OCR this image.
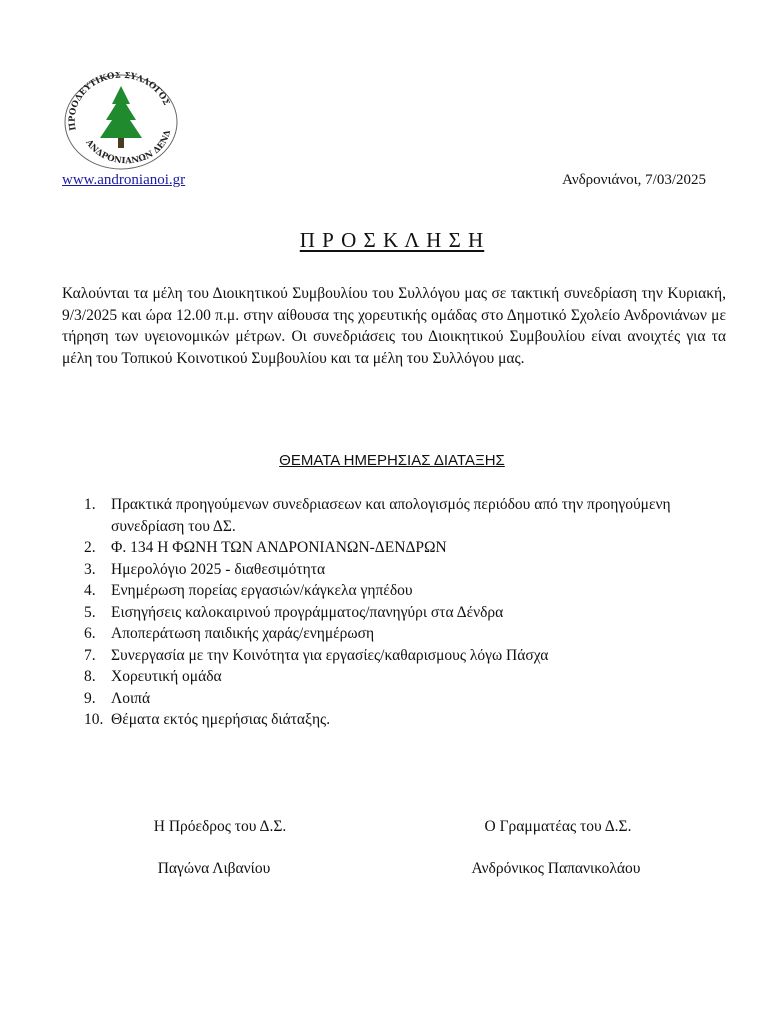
ΠΡΟΟΔΕΥΤΙΚΟΣ ΣΥΛΛΟΓΟΣ
ΑΝΔΡΟΝΙΑΝΩΝ ΔΕΝΔ
www.andronianoi.gr	Ανδρονιάνοι, 7/03/2025
Π Ρ Ο Σ Κ Λ Η Σ Η

Καλούνται τα μέλη του Διοικητικού Συμβουλίου του Συλλόγου μας σε τακτική συνεδρίαση την Κυριακή, 9/3/2025 και ώρα 12.00 π.μ. στην αίθουσα της χορευτικής ομάδας στο Δημοτικό Σχολείο Ανδρονιάνων με τήρηση των υγειονομικών μέτρων. Οι συνεδριάσεις του Διοικητικού Συμβουλίου είναι ανοιχτές για τα μέλη του Τοπικού Κοινοτικού Συμβουλίου και τα μέλη του Συλλόγου μας.

ΘΕΜΑΤΑ ΗΜΕΡΗΣΙΑΣ ΔΙΑΤΑΞΗΣ
1. Πρακτικά προηγούμενων συνεδριασεων και απολογισμός περιόδου από την προηγούμενη συνεδρίαση του ΔΣ.
2. Φ. 134 Η ΦΩΝΗ ΤΩΝ ΑΝΔΡΟΝΙΑΝΩΝ-ΔΕΝΔΡΩΝ
3. Ημερολόγιο 2025 - διαθεσιμότητα
4. Ενημέρωση πορείας εργασιών/κάγκελα γηπέδου
5. Εισηγήσεις καλοκαιρινού προγράμματος/πανηγύρι στα Δένδρα
6. Αποπεράτωση παιδικής χαράς/ενημέρωση
7. Συνεργασία με την Κοινότητα για εργασίες/καθαρισμους λόγω Πάσχα
8. Χορευτική ομάδα
9. Λοιπά
10. Θέματα εκτός ημερήσιας διάταξης.
Η Πρόεδρος του Δ.Σ.
Παγώνα Λιβανίου
Ο Γραμματέας του Δ.Σ.
Ανδρόνικος Παπανικολάου
